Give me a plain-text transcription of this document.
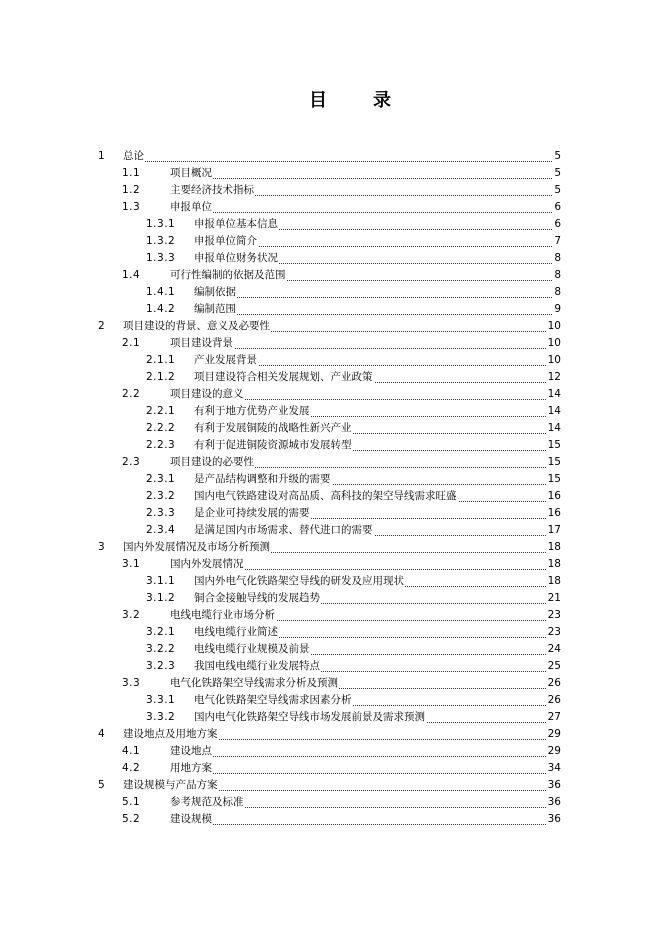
目	录
1 总论	5
1.1	项目概况	5
1.2	主要经济技术指标	5
1.3	申报单位	6
1.3.1 申报单位基本信息	6
1.3.2 申报单位简介	7
1.3.3 申报单位财务状况	8
1.4	可行性编制的依据及范围	8
1.4.1 编制依据	8
1.4.2 编制范围	9
2 项目建设的背景、意义及必要性	10
2.1	项目建设背景	10
2.1.1 产业发展背景	10
2.1.2 项目建设符合相关发展规划、产业政策	12
2.2	项目建设的意义	14
2.2.1 有利于地方优势产业发展	14
2.2.2 有利于发展铜陵的战略性新兴产业	14
2.2.3 有利于促进铜陵资源城市发展转型	15
2.3	项目建设的必要性	15
2.3.1 是产品结构调整和升级的需要	15
2.3.2 国内电气铁路建设对高品质、高科技的架空导线需求旺盛	16
2.3.3 是企业可持续发展的需要	16
2.3.4 是满足国内市场需求、替代进口的需要	17
3 国内外发展情况及市场分析预测	18
3.1	国内外发展情况	18
3.1.1 国内外电气化铁路架空导线的研发及应用现状	18
3.1.2 铜合金接触导线的发展趋势	21
3.2	电线电缆行业市场分析	23
3.2.1 电线电缆行业简述	23
3.2.2 电线电缆行业规模及前景	24
3.2.3 我国电线电缆行业发展特点	25
3.3	电气化铁路架空导线需求分析及预测	26
3.3.1 电气化铁路架空导线需求因素分析	26
3.3.2 国内电气化铁路架空导线市场发展前景及需求预测	27
4 建设地点及用地方案	29
4.1	建设地点	29
4.2	用地方案	34
5 建设规模与产品方案	36
5.1	参考规范及标准	36
5.2	建设规模	36
